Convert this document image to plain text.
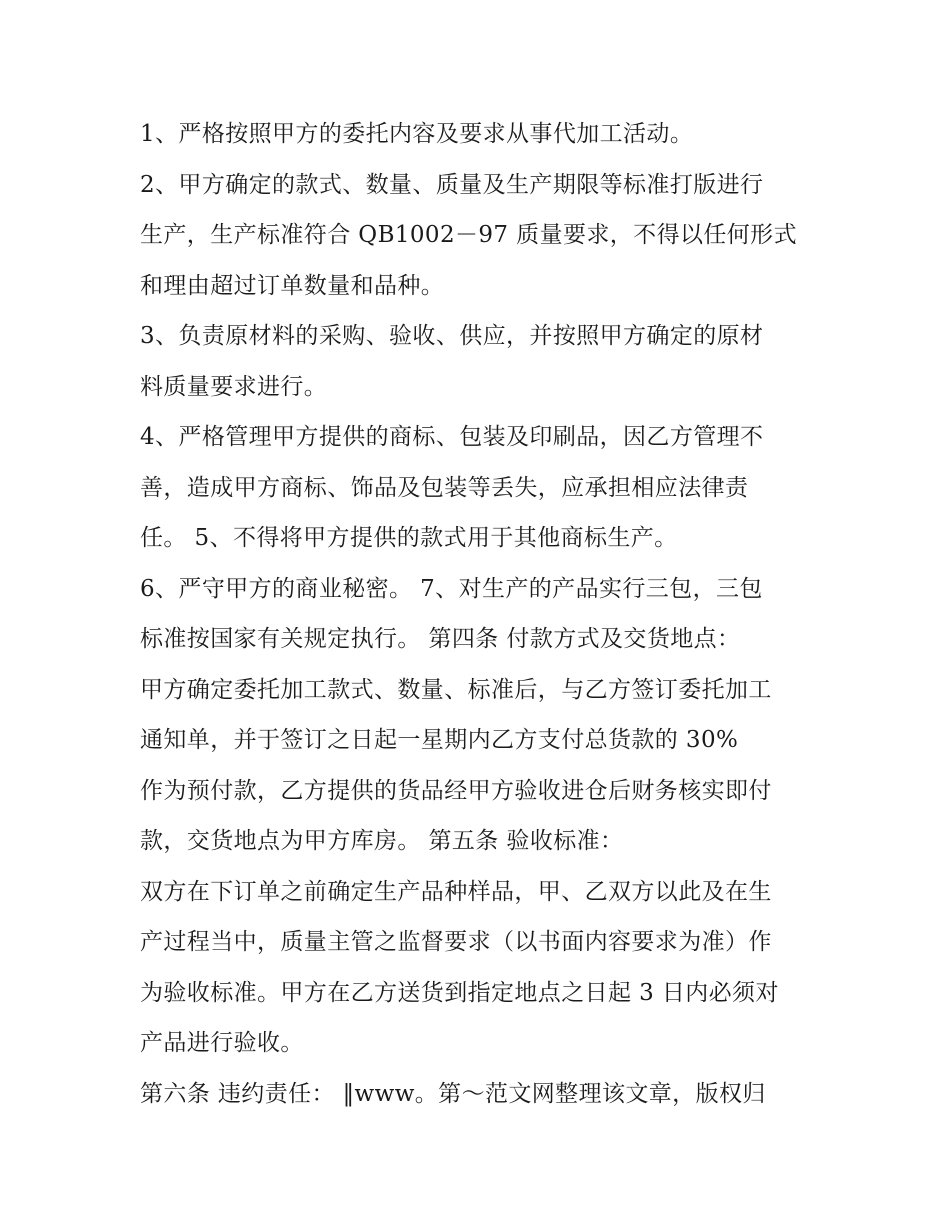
1、严格按照甲方的委托内容及要求从事代加工活动。
2、甲方确定的款式、数量、质量及生产期限等标准打版进行
生产，生产标准符合 QB1002－97 质量要求，不得以任何形式
和理由超过订单数量和品种。
3、负责原材料的采购、验收、供应，并按照甲方确定的原材
料质量要求进行。
4、严格管理甲方提供的商标、包装及印刷品，因乙方管理不
善，造成甲方商标、饰品及包装等丢失，应承担相应法律责
任。 5、不得将甲方提供的款式用于其他商标生产。
6、严守甲方的商业秘密。 7、对生产的产品实行三包，三包
标准按国家有关规定执行。 第四条 付款方式及交货地点：
甲方确定委托加工款式、数量、标准后，与乙方签订委托加工
通知单，并于签订之日起一星期内乙方支付总货款的 30%
作为预付款，乙方提供的货品经甲方验收进仓后财务核实即付
款，交货地点为甲方库房。 第五条 验收标准：
双方在下订单之前确定生产品种样品，甲、乙双方以此及在生
产过程当中，质量主管之监督要求（以书面内容要求为准）作
为验收标准。甲方在乙方送货到指定地点之日起 3 日内必须对
产品进行验收。
第六条 违约责任： ‖www。第～范文网整理该文章，版权归
